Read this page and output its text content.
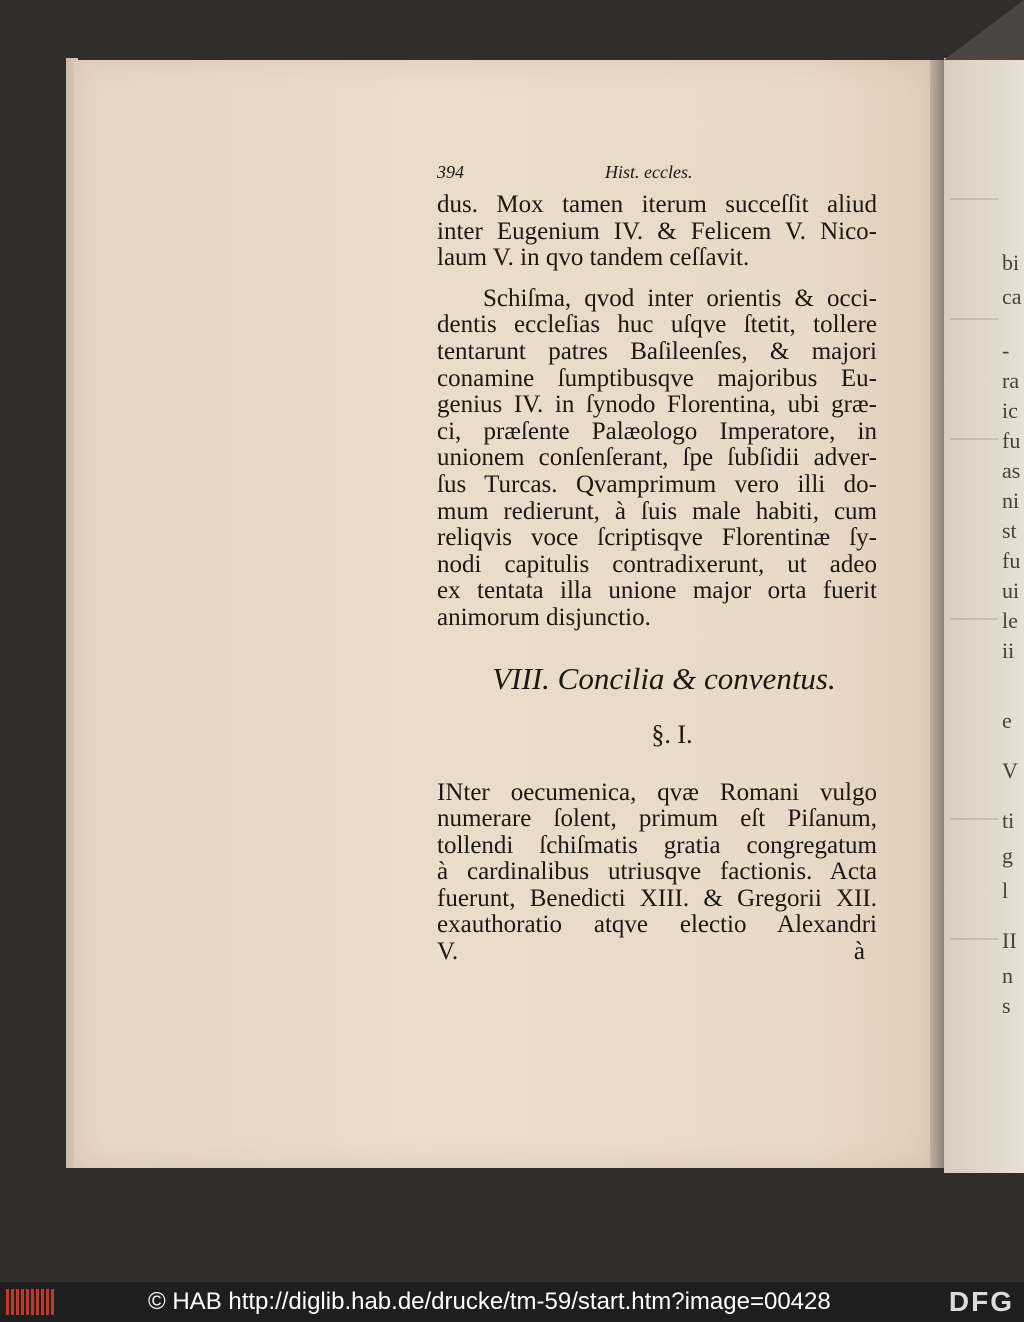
bi
ca
-
ra
ic
fu
as
ni
st
fu
ui
le
ii
e
V
ti
g
l
II
n
s
394	Hist. eccles.
dus. Mox tamen iterum succeſſit aliud
inter Eugenium IV. & Felicem V. Nico-
laum V. in qvo tandem ceſſavit.
Schiſma, qvod inter orientis & occi-
dentis eccleſias huc uſqve ſtetit, tollere
tentarunt patres Baſileenſes, & majori
conamine ſumptibusqve majoribus Eu-
genius IV. in ſynodo Florentina, ubi græ-
ci, præſente Palæologo Imperatore, in
unionem conſenſerant, ſpe ſubſidii adver-
ſus Turcas. Qvamprimum vero illi do-
mum redierunt, à ſuis male habiti, cum
reliqvis voce ſcriptisqve Florentinæ ſy-
nodi capitulis contradixerunt, ut adeo
ex tentata illa unione major orta fuerit
animorum disjunctio.
VIII. Concilia & conventus.
§. I.
INter oecumenica, qvæ Romani vulgo
numerare ſolent, primum eſt Piſanum,
tollendi ſchiſmatis gratia congregatum
à cardinalibus utriusqve factionis. Acta
fuerunt, Benedicti XIII. & Gregorii XII.
exauthoratio atqve electio Alexandri
V. à
© HAB http://diglib.hab.de/drucke/tm-59/start.htm?image=00428	DFG
